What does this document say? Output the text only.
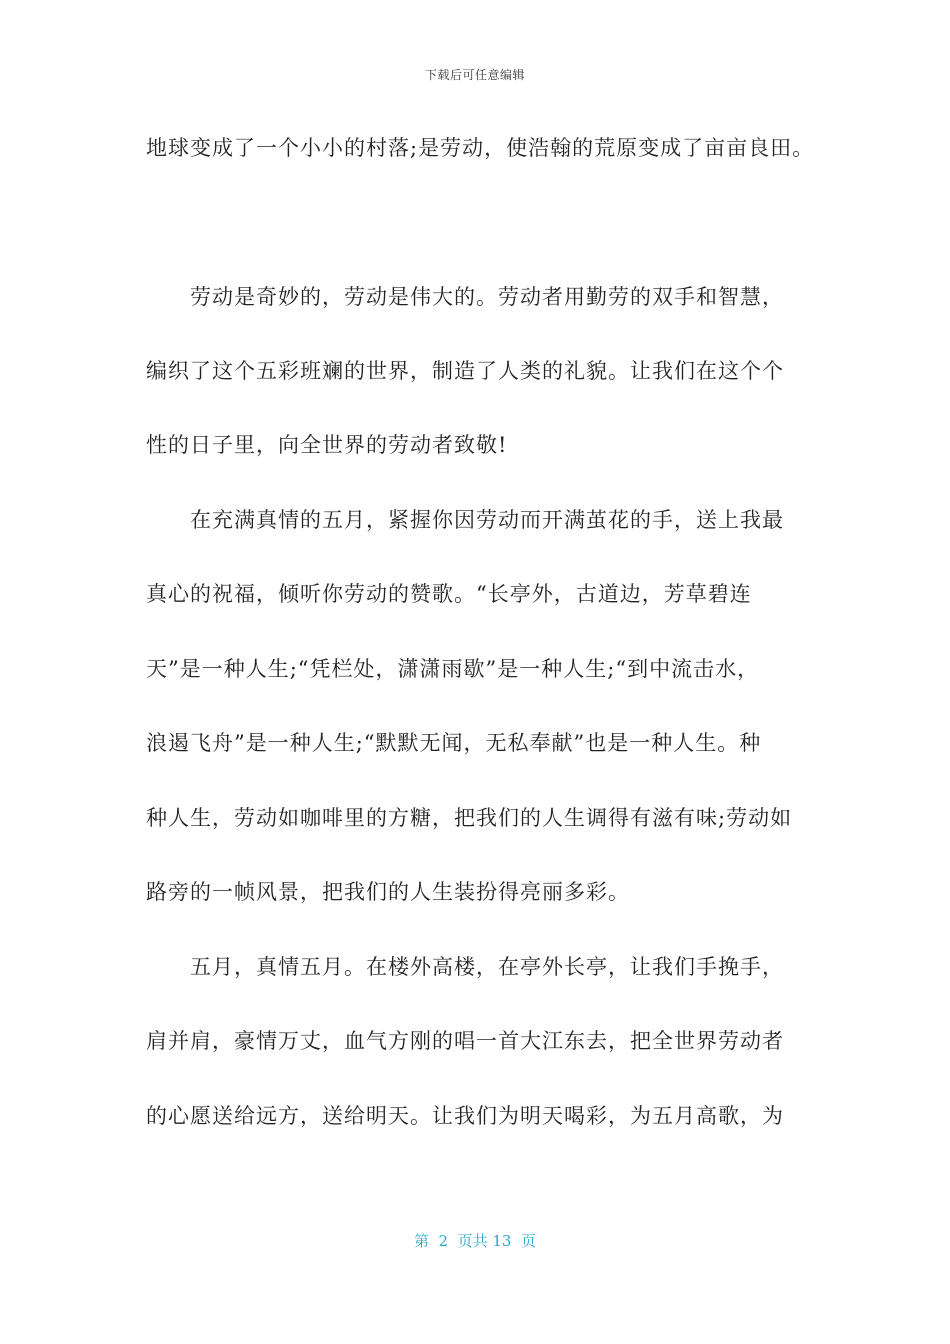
下载后可任意编辑
地球变成了一个小小的村落;是劳动，使浩翰的荒原变成了亩亩良田。
劳动是奇妙的，劳动是伟大的。劳动者用勤劳的双手和智慧，
编织了这个五彩班斓的世界，制造了人类的礼貌。让我们在这个个
性的日子里，向全世界的劳动者致敬!
在充满真情的五月，紧握你因劳动而开满茧花的手，送上我最
真心的祝福，倾听你劳动的赞歌。“长亭外，古道边，芳草碧连
天”是一种人生;“凭栏处，潇潇雨歇”是一种人生;“到中流击水，
浪遏飞舟”是一种人生;“默默无闻，无私奉献”也是一种人生。种
种人生，劳动如咖啡里的方糖，把我们的人生调得有滋有味;劳动如
路旁的一帧风景，把我们的人生装扮得亮丽多彩。
五月，真情五月。在楼外高楼，在亭外长亭，让我们手挽手，
肩并肩，豪情万丈，血气方刚的唱一首大江东去，把全世界劳动者
的心愿送给远方，送给明天。让我们为明天喝彩，为五月高歌，为
第  2  页共 13  页
